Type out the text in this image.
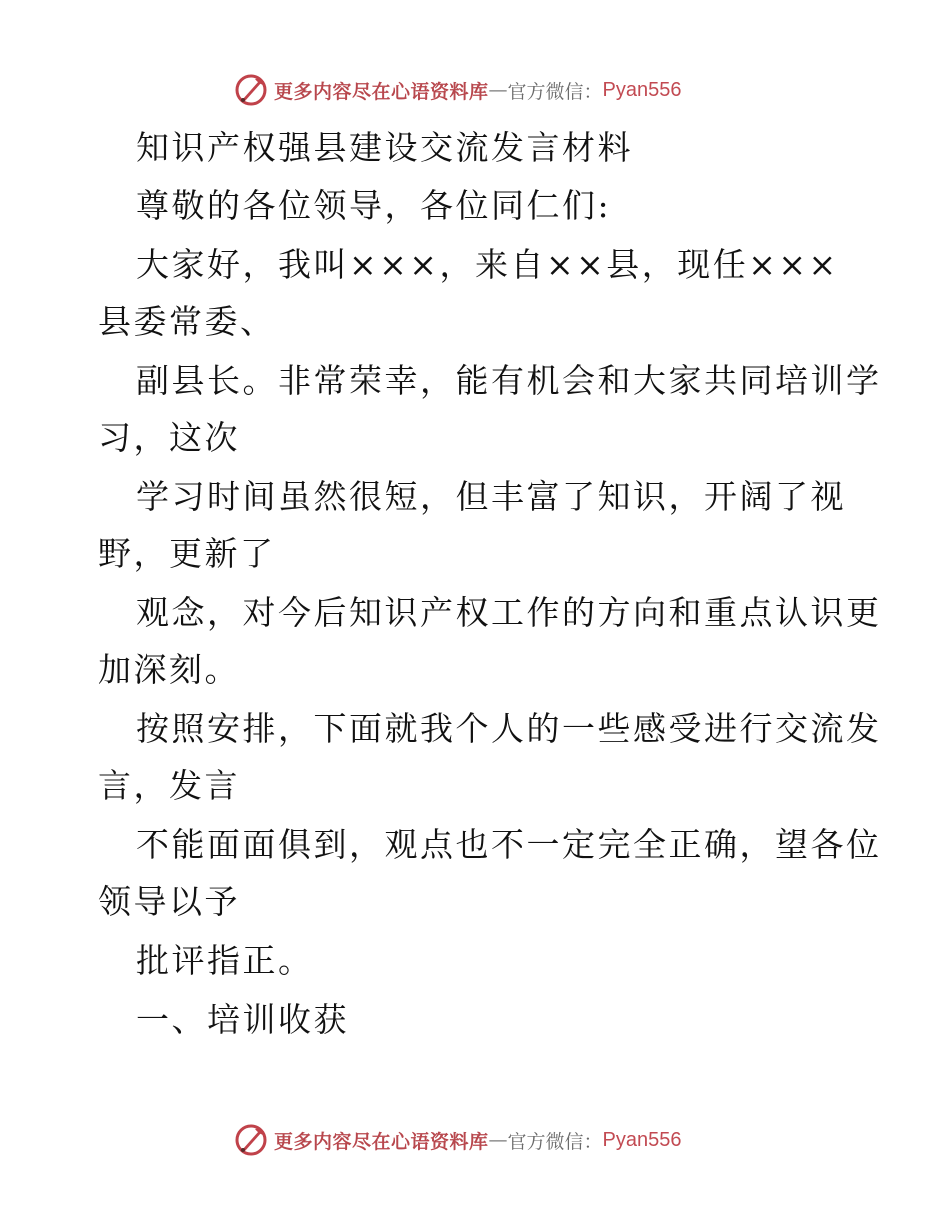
更多内容尽在心语资料库 — 官方微信： Pyan556

知识产权强县建设交流发言材料

尊敬的各位领导，各位同仁们:

大家好，我叫×××，来自××县，现任×××

县委常委、

副县长。非常荣幸，能有机会和大家共同培训学

习，这次

学习时间虽然很短，但丰富了知识，开阔了视

野，更新了

观念，对今后知识产权工作的方向和重点认识更

加深刻。

按照安排，下面就我个人的一些感受进行交流发

言，发言

不能面面俱到，观点也不一定完全正确，望各位

领导以予

批评指正。

一、培训收获

更多内容尽在心语资料库 — 官方微信： Pyan556
